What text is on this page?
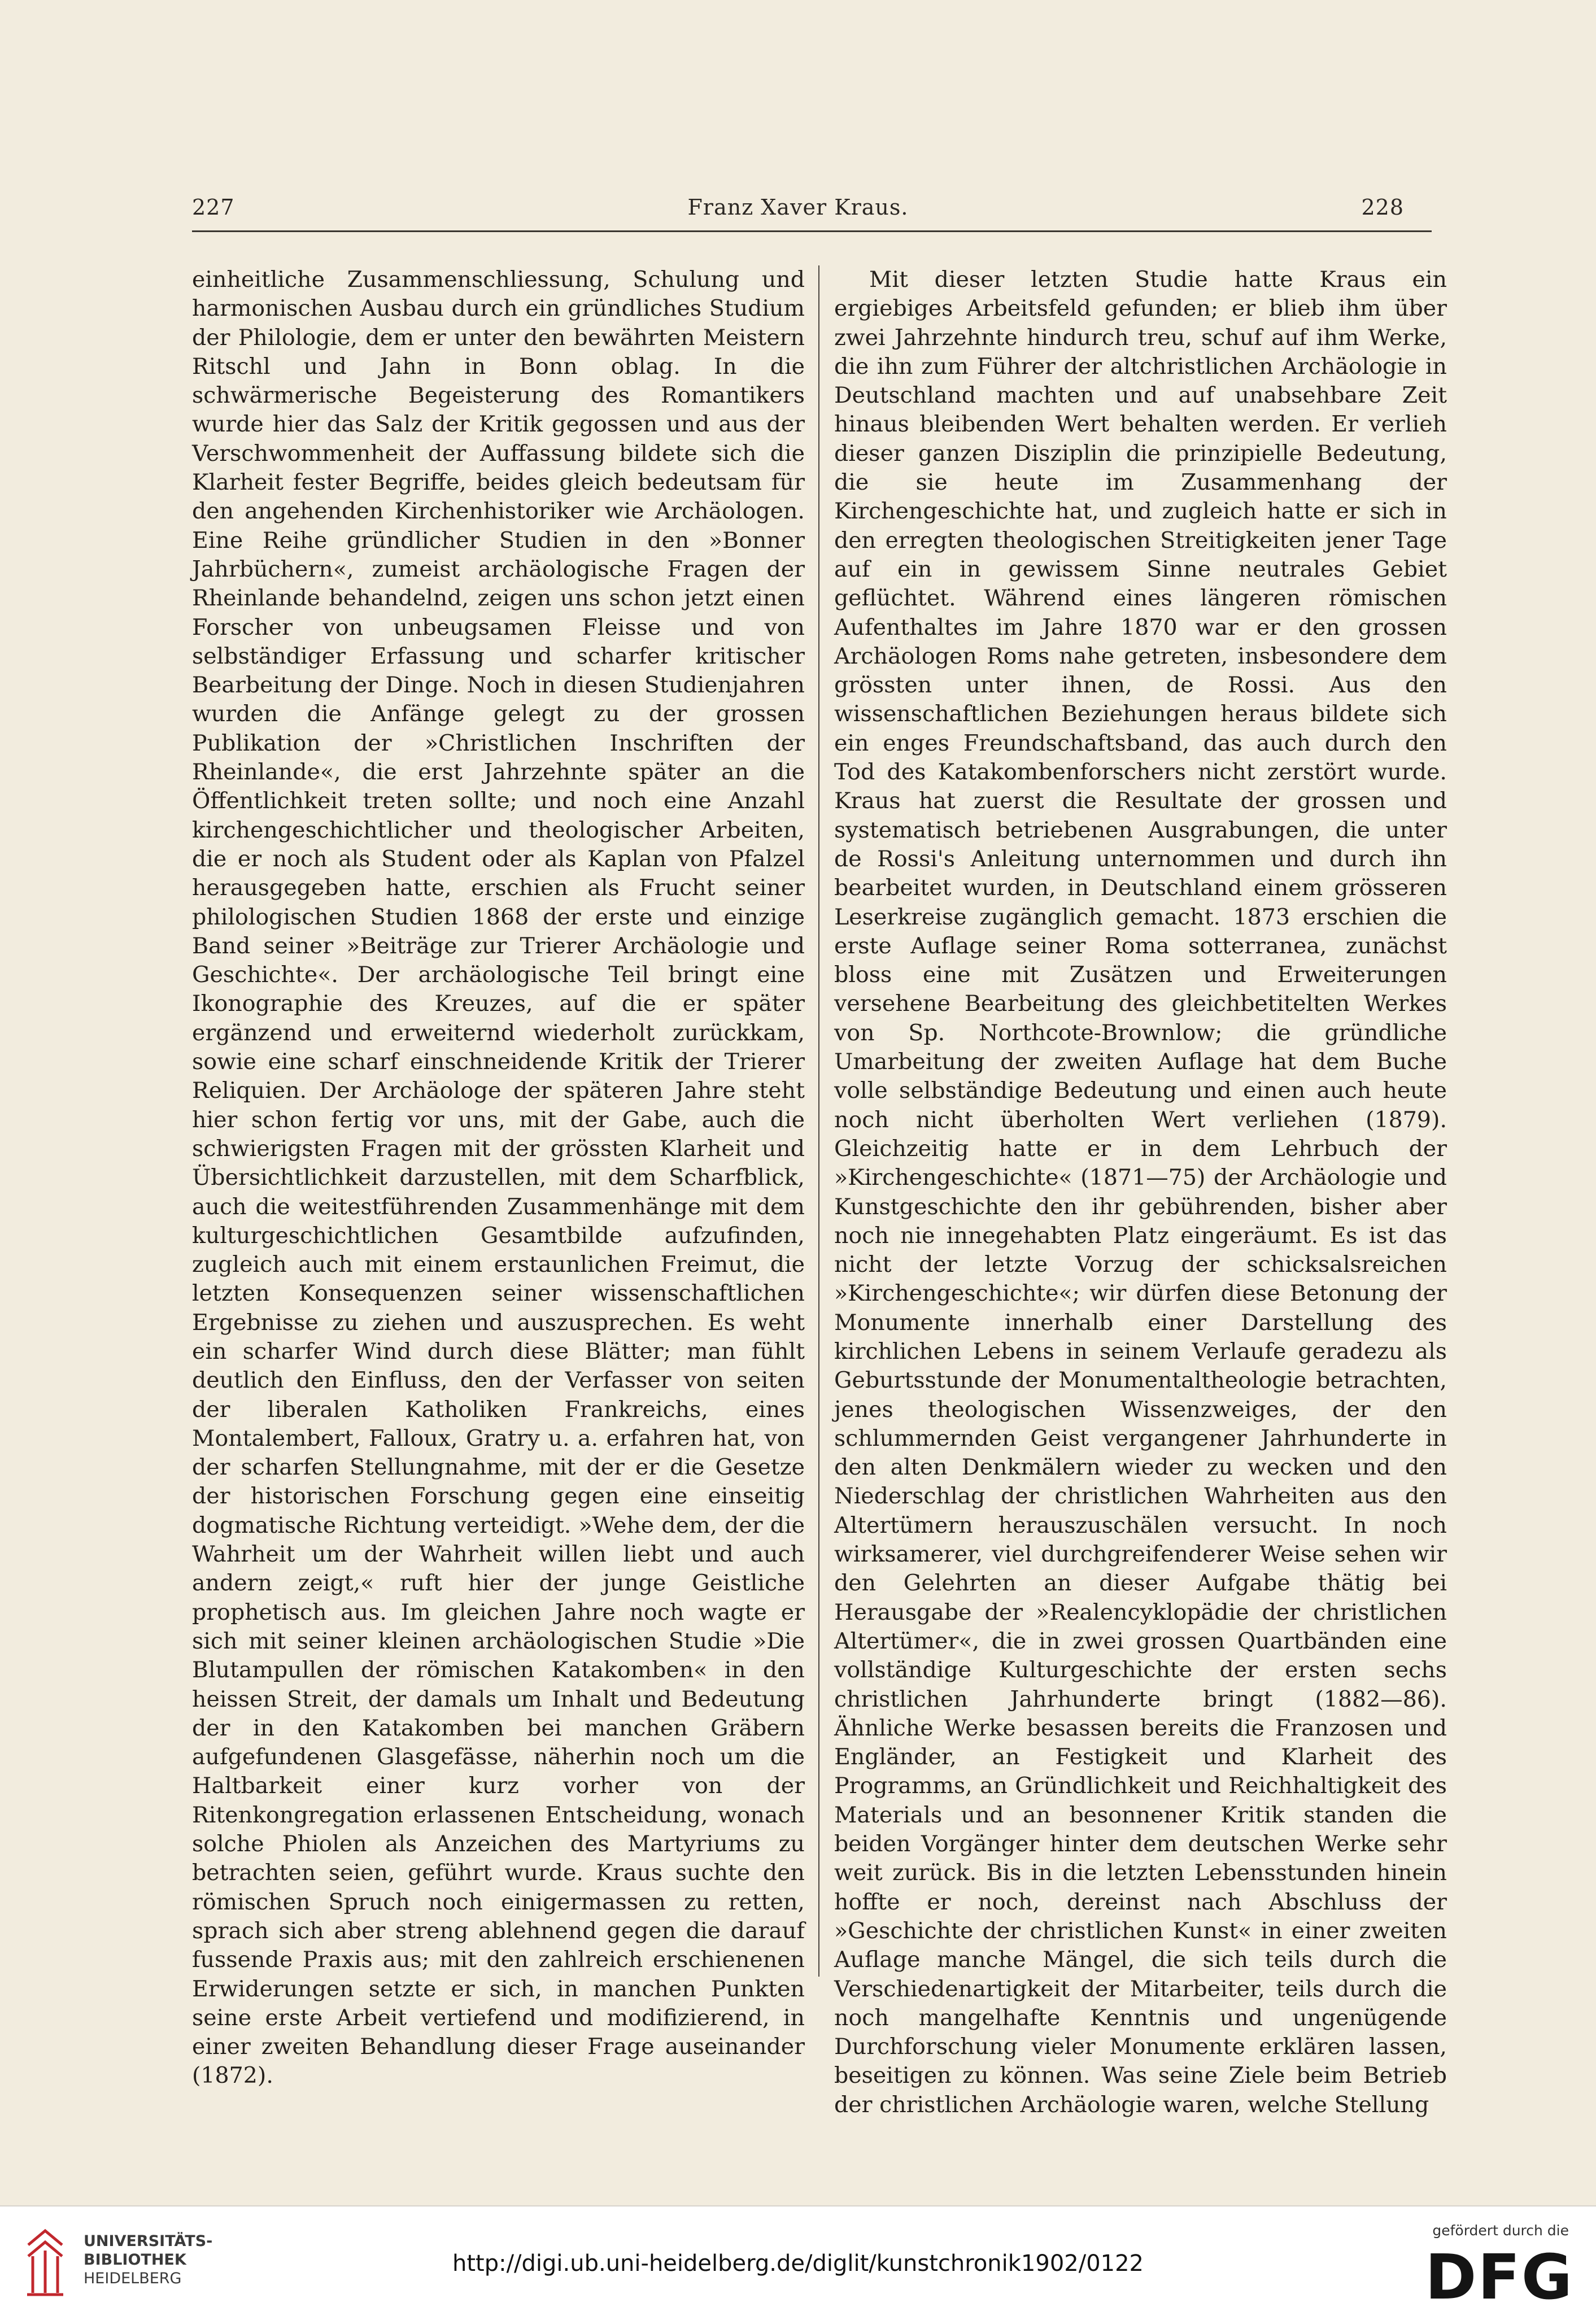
227	Franz Xaver Kraus.	228

einheitliche Zusammenschliessung, Schulung und harmonischen Ausbau durch ein gründliches Studium der Philologie, dem er unter den bewährten Meistern Ritschl und Jahn in Bonn oblag. In die schwärmerische Begeisterung des Romantikers wurde hier das Salz der Kritik gegossen und aus der Verschwommenheit der Auffassung bildete sich die Klarheit fester Begriffe, beides gleich bedeutsam für den angehenden Kirchenhistoriker wie Archäologen. Eine Reihe gründlicher Studien in den »Bonner Jahrbüchern«, zumeist archäologische Fragen der Rheinlande behandelnd, zeigen uns schon jetzt einen Forscher von unbeugsamen Fleisse und von selbständiger Erfassung und scharfer kritischer Bearbeitung der Dinge. Noch in diesen Studienjahren wurden die Anfänge gelegt zu der grossen Publikation der »Christlichen Inschriften der Rheinlande«, die erst Jahrzehnte später an die Öffentlichkeit treten sollte; und noch eine Anzahl kirchengeschichtlicher und theologischer Arbeiten, die er noch als Student oder als Kaplan von Pfalzel herausgegeben hatte, erschien als Frucht seiner philologischen Studien 1868 der erste und einzige Band seiner »Beiträge zur Trierer Archäologie und Geschichte«. Der archäologische Teil bringt eine Ikonographie des Kreuzes, auf die er später ergänzend und erweiternd wiederholt zurückkam, sowie eine scharf einschneidende Kritik der Trierer Reliquien. Der Archäologe der späteren Jahre steht hier schon fertig vor uns, mit der Gabe, auch die schwierigsten Fragen mit der grössten Klarheit und Übersichtlichkeit darzustellen, mit dem Scharfblick, auch die weitestführenden Zusammenhänge mit dem kulturgeschichtlichen Gesamtbilde aufzufinden, zugleich auch mit einem erstaunlichen Freimut, die letzten Konsequenzen seiner wissenschaftlichen Ergebnisse zu ziehen und auszusprechen. Es weht ein scharfer Wind durch diese Blätter; man fühlt deutlich den Einfluss, den der Verfasser von seiten der liberalen Katholiken Frankreichs, eines Montalembert, Falloux, Gratry u. a. erfahren hat, von der scharfen Stellungnahme, mit der er die Gesetze der historischen Forschung gegen eine einseitig dogmatische Richtung verteidigt. »Wehe dem, der die Wahrheit um der Wahrheit willen liebt und auch andern zeigt,« ruft hier der junge Geistliche prophetisch aus. Im gleichen Jahre noch wagte er sich mit seiner kleinen archäologischen Studie »Die Blutampullen der römischen Katakomben« in den heissen Streit, der damals um Inhalt und Bedeutung der in den Katakomben bei manchen Gräbern aufgefundenen Glasgefässe, näherhin noch um die Haltbarkeit einer kurz vorher von der Ritenkongregation erlassenen Entscheidung, wonach solche Phiolen als Anzeichen des Martyriums zu betrachten seien, geführt wurde. Kraus suchte den römischen Spruch noch einigermassen zu retten, sprach sich aber streng ablehnend gegen die darauf fussende Praxis aus; mit den zahlreich erschienenen Erwiderungen setzte er sich, in manchen Punkten seine erste Arbeit vertiefend und modifizierend, in einer zweiten Behandlung dieser Frage auseinander (1872).

Mit dieser letzten Studie hatte Kraus ein ergiebiges Arbeitsfeld gefunden; er blieb ihm über zwei Jahrzehnte hindurch treu, schuf auf ihm Werke, die ihn zum Führer der altchristlichen Archäologie in Deutschland machten und auf unabsehbare Zeit hinaus bleibenden Wert behalten werden. Er verlieh dieser ganzen Disziplin die prinzipielle Bedeutung, die sie heute im Zusammenhang der Kirchengeschichte hat, und zugleich hatte er sich in den erregten theologischen Streitigkeiten jener Tage auf ein in gewissem Sinne neutrales Gebiet geflüchtet. Während eines längeren römischen Aufenthaltes im Jahre 1870 war er den grossen Archäologen Roms nahe getreten, insbesondere dem grössten unter ihnen, de Rossi. Aus den wissenschaftlichen Beziehungen heraus bildete sich ein enges Freundschaftsband, das auch durch den Tod des Katakombenforschers nicht zerstört wurde. Kraus hat zuerst die Resultate der grossen und systematisch betriebenen Ausgrabungen, die unter de Rossi's Anleitung unternommen und durch ihn bearbeitet wurden, in Deutschland einem grösseren Leserkreise zugänglich gemacht. 1873 erschien die erste Auflage seiner Roma sotterranea, zunächst bloss eine mit Zusätzen und Erweiterungen versehene Bearbeitung des gleichbetitelten Werkes von Sp. Northcote-Brownlow; die gründliche Umarbeitung der zweiten Auflage hat dem Buche volle selbständige Bedeutung und einen auch heute noch nicht überholten Wert verliehen (1879). Gleichzeitig hatte er in dem Lehrbuch der »Kirchengeschichte« (1871—75) der Archäologie und Kunstgeschichte den ihr gebührenden, bisher aber noch nie innegehabten Platz eingeräumt. Es ist das nicht der letzte Vorzug der schicksalsreichen »Kirchengeschichte«; wir dürfen diese Betonung der Monumente innerhalb einer Darstellung des kirchlichen Lebens in seinem Verlaufe geradezu als Geburtsstunde der Monumentaltheologie betrachten, jenes theologischen Wissenzweiges, der den schlummernden Geist vergangener Jahrhunderte in den alten Denkmälern wieder zu wecken und den Niederschlag der christlichen Wahrheiten aus den Altertümern herauszuschälen versucht. In noch wirksamerer, viel durchgreifenderer Weise sehen wir den Gelehrten an dieser Aufgabe thätig bei Herausgabe der »Realencyklopädie der christlichen Altertümer«, die in zwei grossen Quartbänden eine vollständige Kulturgeschichte der ersten sechs christlichen Jahrhunderte bringt (1882—86). Ähnliche Werke besassen bereits die Franzosen und Engländer, an Festigkeit und Klarheit des Programms, an Gründlichkeit und Reichhaltigkeit des Materials und an besonnener Kritik standen die beiden Vorgänger hinter dem deutschen Werke sehr weit zurück. Bis in die letzten Lebensstunden hinein hoffte er noch, dereinst nach Abschluss der »Geschichte der christlichen Kunst« in einer zweiten Auflage manche Mängel, die sich teils durch die Verschiedenartigkeit der Mitarbeiter, teils durch die noch mangelhafte Kenntnis und ungenügende Durchforschung vieler Monumente erklären lassen, beseitigen zu können. Was seine Ziele beim Betrieb der christlichen Archäologie waren, welche Stellung

UNIVERSITÄTS-
BIBLIOTHEK
HEIDELBERG
http://digi.ub.uni-heidelberg.de/diglit/kunstchronik1902/0122
gefördert durch die
DFG
